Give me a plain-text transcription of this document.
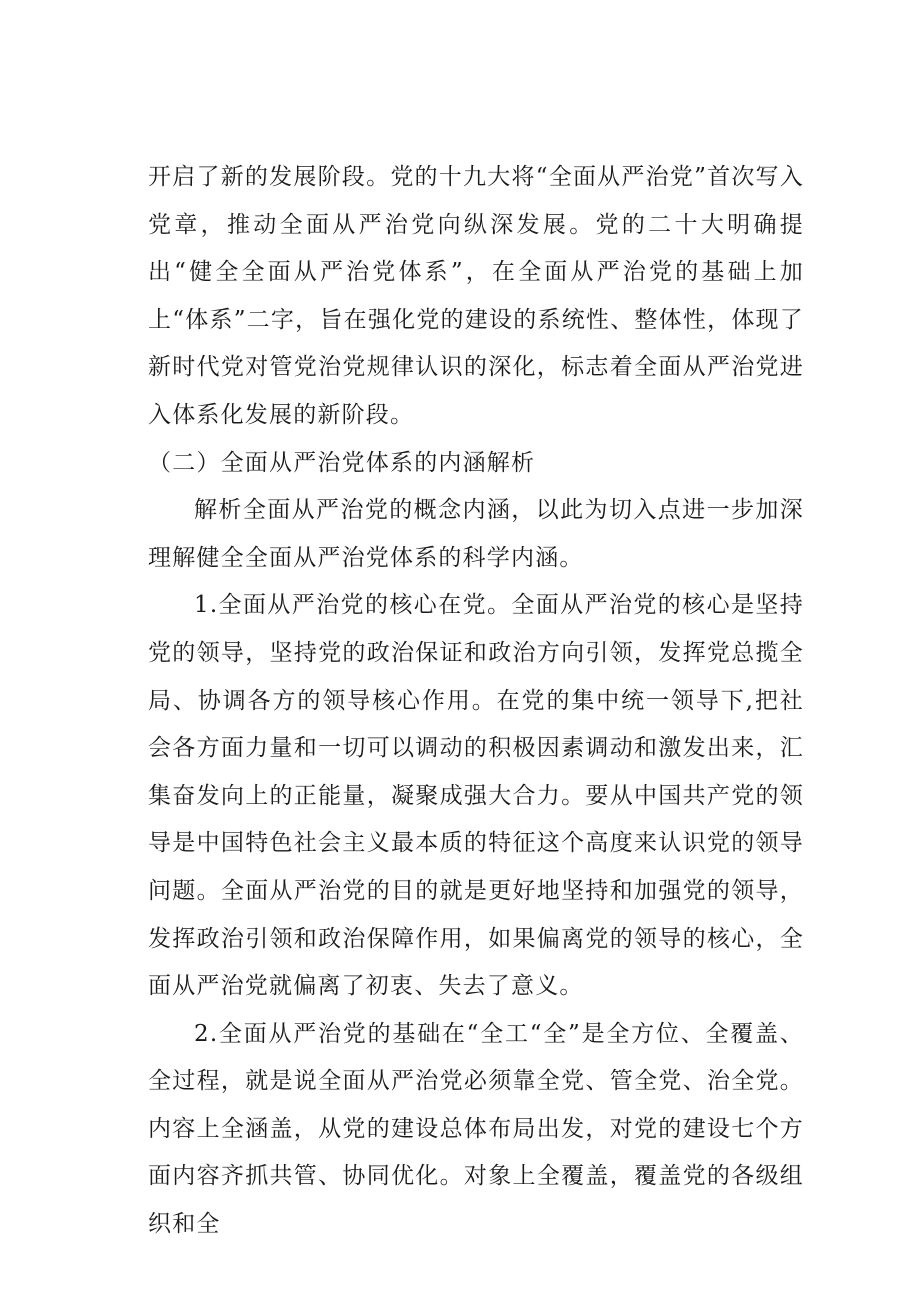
开启了新的发展阶段。党的十九大将“全面从严治党”首次写入党章，推动全面从严治党向纵深发展。党的二十大明确提出“健全全面从严治党体系”，在全面从严治党的基础上加上“体系”二字，旨在强化党的建设的系统性、整体性，体现了新时代党对管党治党规律认识的深化，标志着全面从严治党进入体系化发展的新阶段。

（二）全面从严治党体系的内涵解析

解析全面从严治党的概念内涵，以此为切入点进一步加深理解健全全面从严治党体系的科学内涵。

1.全面从严治党的核心在党。全面从严治党的核心是坚持党的领导，坚持党的政治保证和政治方向引领，发挥党总揽全局、协调各方的领导核心作用。在党的集中统一领导下,把社会各方面力量和一切可以调动的积极因素调动和激发出来，汇集奋发向上的正能量，凝聚成强大合力。要从中国共产党的领导是中国特色社会主义最本质的特征这个高度来认识党的领导问题。全面从严治党的目的就是更好地坚持和加强党的领导，发挥政治引领和政治保障作用，如果偏离党的领导的核心，全面从严治党就偏离了初衷、失去了意义。

2.全面从严治党的基础在“全工“全”是全方位、全覆盖、全过程，就是说全面从严治党必须靠全党、管全党、治全党。内容上全涵盖，从党的建设总体布局出发，对党的建设七个方面内容齐抓共管、协同优化。对象上全覆盖，覆盖党的各级组织和全
